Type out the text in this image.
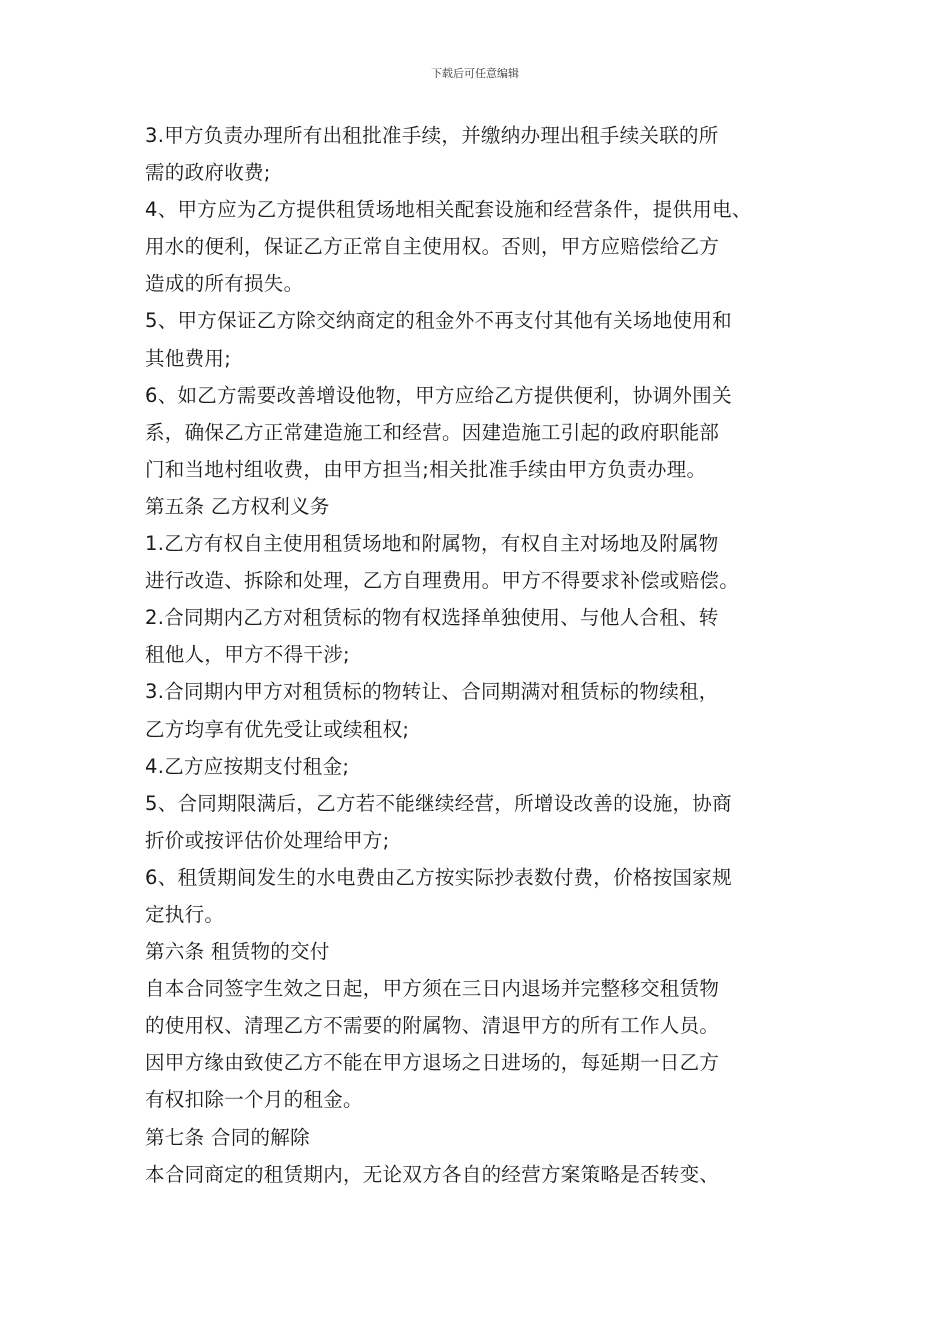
下载后可任意编辑
3.甲方负责办理所有出租批准手续，并缴纳办理出租手续关联的所
需的政府收费;
4、甲方应为乙方提供租赁场地相关配套设施和经营条件，提供用电、
用水的便利，保证乙方正常自主使用权。否则，甲方应赔偿给乙方
造成的所有损失。
5、甲方保证乙方除交纳商定的租金外不再支付其他有关场地使用和
其他费用;
6、如乙方需要改善增设他物，甲方应给乙方提供便利，协调外围关
系，确保乙方正常建造施工和经营。因建造施工引起的政府职能部
门和当地村组收费，由甲方担当;相关批准手续由甲方负责办理。
第五条 乙方权利义务
1.乙方有权自主使用租赁场地和附属物，有权自主对场地及附属物
进行改造、拆除和处理，乙方自理费用。甲方不得要求补偿或赔偿。
2.合同期内乙方对租赁标的物有权选择单独使用、与他人合租、转
租他人，甲方不得干涉;
3.合同期内甲方对租赁标的物转让、合同期满对租赁标的物续租，
乙方均享有优先受让或续租权;
4.乙方应按期支付租金;
5、合同期限满后，乙方若不能继续经营，所增设改善的设施，协商
折价或按评估价处理给甲方;
6、租赁期间发生的水电费由乙方按实际抄表数付费，价格按国家规
定执行。
第六条 租赁物的交付
自本合同签字生效之日起，甲方须在三日内退场并完整移交租赁物
的使用权、清理乙方不需要的附属物、清退甲方的所有工作人员。
因甲方缘由致使乙方不能在甲方退场之日进场的，每延期一日乙方
有权扣除一个月的租金。
第七条 合同的解除
本合同商定的租赁期内，无论双方各自的经营方案策略是否转变、
